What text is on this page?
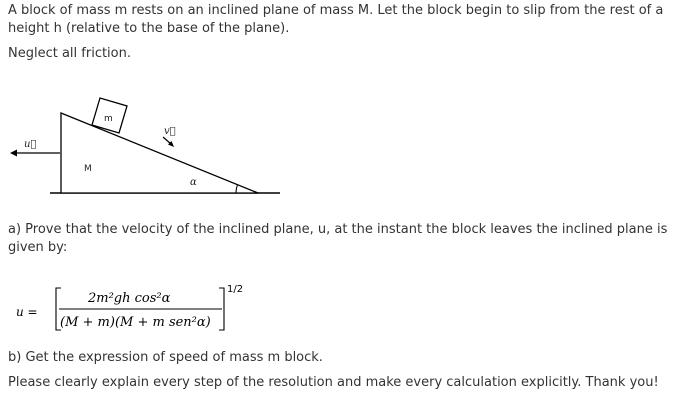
A block of mass m rests on an inclined plane of mass M. Let the block begin to slip from the rest of a height h (relative to the base of the plane).

Neglect all friction.

m
M
α
v⃗
u⃗

a) Prove that the velocity of the inclined plane, u, at the instant the block leaves the inclined plane is given by:

u =
2m²gh cos²α
(M + m)(M + m sen²α)
1/2

b) Get the expression of speed of mass m block.

Please clearly explain every step of the resolution and make every calculation explicitly. Thank you!
